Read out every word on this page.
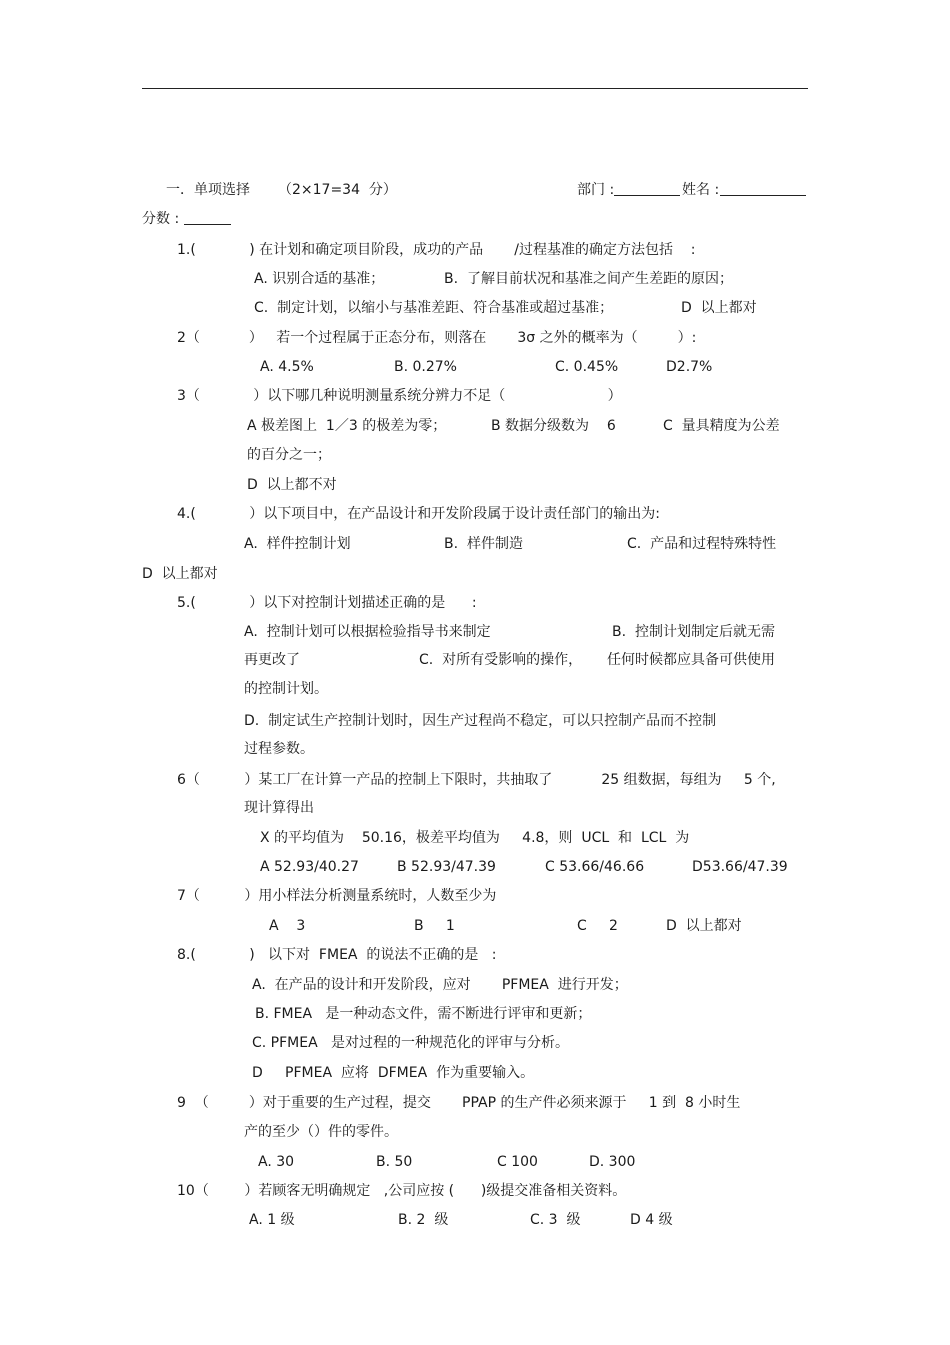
一．单项选择 （2×17=34  分）	部门 :	姓名 :
分数 :
1.(            ) 在计划和确定项目阶段，成功的产品       /过程基准的确定方法包括    :
A. 识别合适的基准；	B.  了解目前状况和基准之间产生差距的原因；
C.  制定计划，以缩小与基准差距、符合基准或超过基准；	D  以上都对
2（           ）   若一个过程属于正态分布，则落在       3σ 之外的概率为（         ）:
A. 4.5%	B. 0.27%	C. 0.45%	D2.7%
3（            ）以下哪几种说明测量系统分辨力不足（                       ）
A 极差图上  1／3 的极差为零；	B 数据分级数为    6	C  量具精度为公差
的百分之一；
D  以上都不对
4.(            ）以下项目中，在产品设计和开发阶段属于设计责任部门的输出为:
A.  样件控制计划	B.  样件制造	C.  产品和过程特殊特性
D  以上都对
5.(            ）以下对控制计划描述正确的是      :
A.  控制计划可以根据检验指导书来制定	B.  控制计划制定后就无需
再更改了	C.  对所有受影响的操作， 任何时候都应具备可供使用
的控制计划。
D.  制定试生产控制计划时，因生产过程尚不稳定，可以只控制产品而不控制
过程参数。
6（          ）某工厂在计算一产品的控制上下限时，共抽取了           25 组数据，每组为     5 个,
现计算得出
X 的平均值为    50.16，极差平均值为     4.8，则  UCL  和  LCL  为
A 52.93/40.27	B 52.93/47.39	C 53.66/46.66	D53.66/47.39
7（          ）用小样法分析测量系统时，人数至少为
A    3	B     1	C     2	D  以上都对
8.(            )   以下对  FMEA  的说法不正确的是   :
A.  在产品的设计和开发阶段，应对       PFMEA  进行开发；
B. FMEA   是一种动态文件，需不断进行评审和更新；
C. PFMEA   是对过程的一种规范化的评审与分析。
D     PFMEA  应将  DFMEA  作为重要输入。
9  （         ）对于重要的生产过程，提交       PPAP 的生产件必须来源于     1 到  8 小时生
产的至少（）件的零件。
A. 30	B. 50	C 100	D. 300
10（        ）若顾客无明确规定   ,公司应按 (      )级提交准备相关资料。
A. 1 级	B. 2  级	C. 3  级	D 4 级
